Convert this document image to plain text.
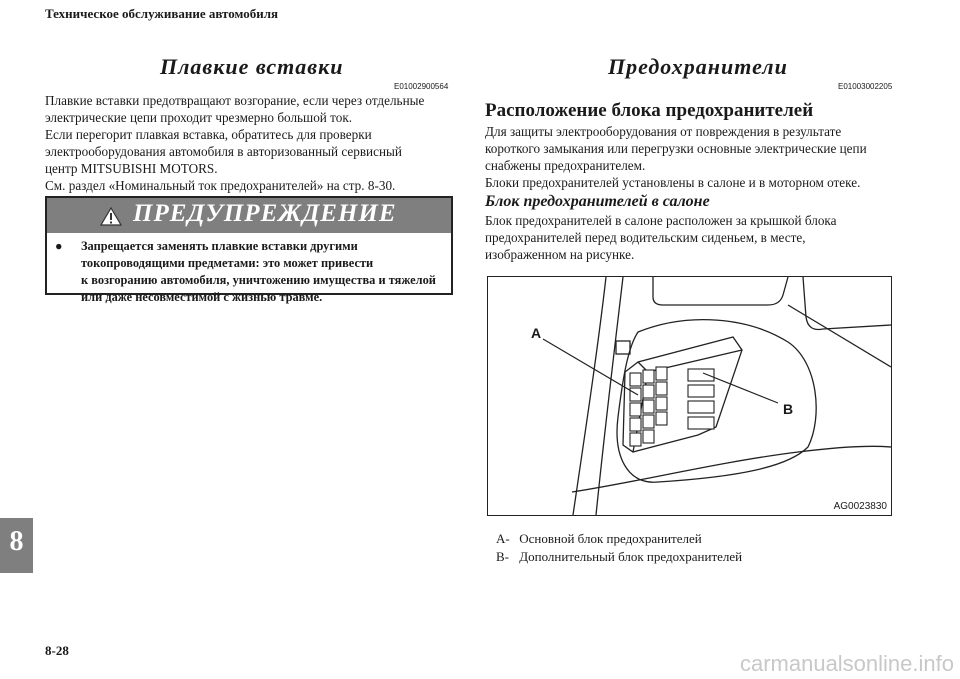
Техническое обслуживание автомобиля
Плавкие вставки
E01002900564
Плавкие вставки предотвращают возгорание, если через отдельные
электрические цепи проходит чрезмерно большой ток.
Если перегорит плавкая вставка, обратитесь для проверки
электрооборудования автомобиля в авторизованный сервисный
центр MITSUBISHI MOTORS.
См. раздел «Номинальный ток предохранителей» на стр. 8-30.
ПРЕДУПРЕЖДЕНИЕ
● Запрещается заменять плавкие вставки другими
токопроводящими предметами: это может привести
к возгоранию автомобиля, уничтожению имущества и тяжелой
или даже несовместимой с жизнью травме.
Предохранители
E01003002205
Расположение блока предохранителей
Для защиты электрооборудования от повреждения в результате
короткого замыкания или перегрузки основные электрические цепи
снабжены предохранителем.
Блоки предохранителей установлены в салоне и в моторном отеке.
Блок предохранителей в салоне
Блок предохранителей в салоне расположен за крышкой блока
предохранителей перед водительским сиденьем, в месте,
изображенном на рисунке.
A
B
AG0023830
A- Основной блок предохранителей
B- Дополнительный блок предохранителей
8
8-28
carmanualsonline.info
